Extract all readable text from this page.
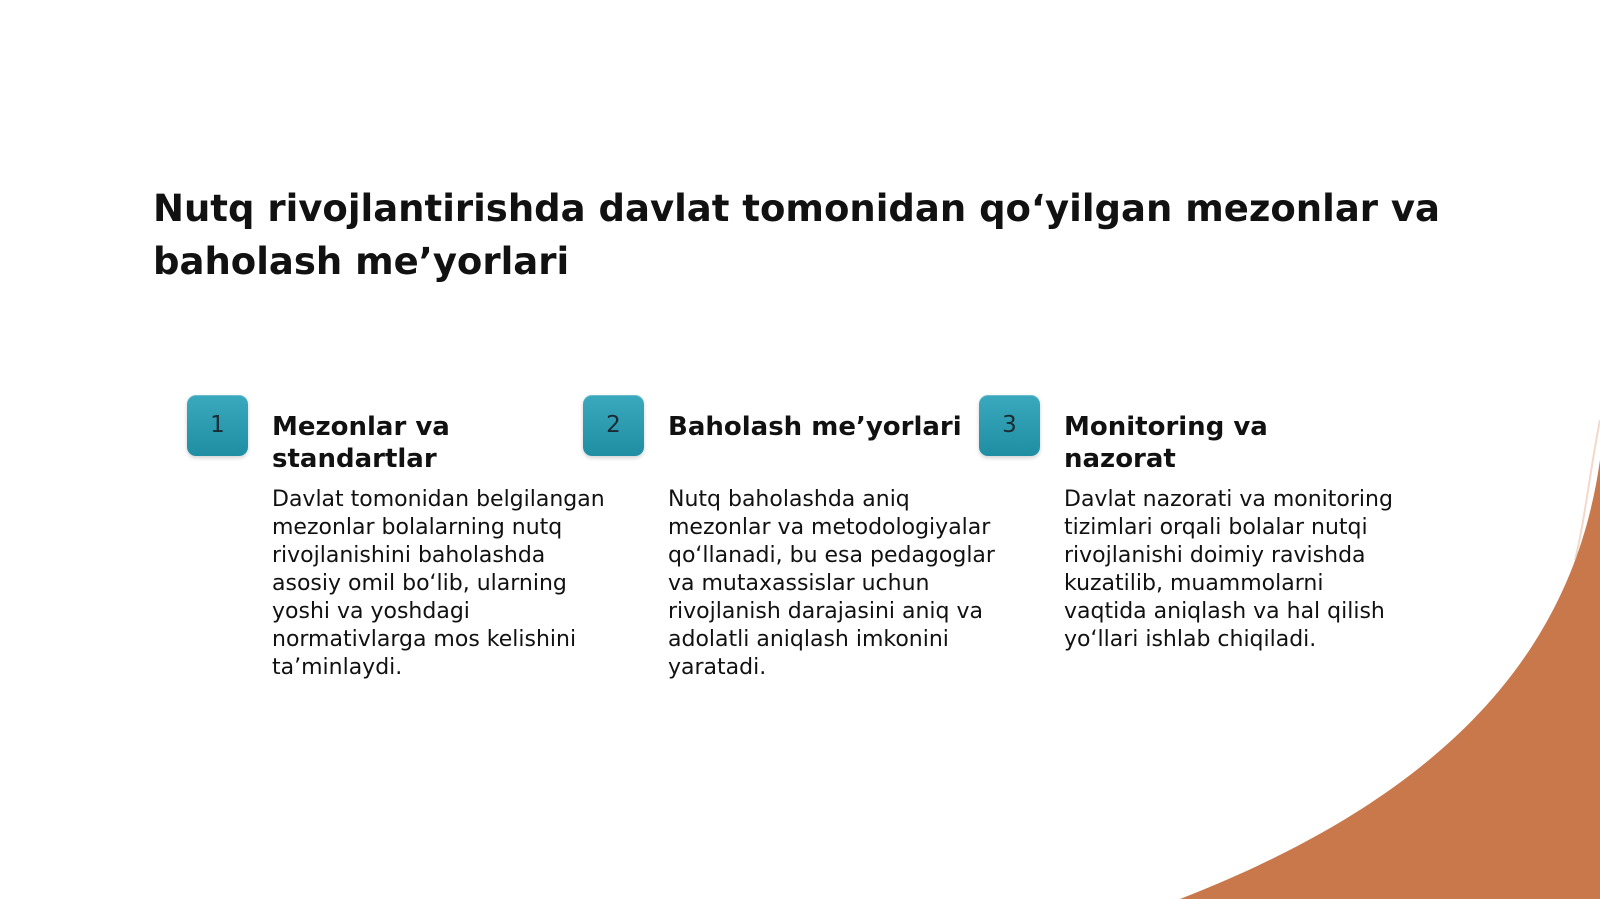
Nutq rivojlantirishda davlat tomonidan qo‘yilgan mezonlar va baholash me’yorlari
1	Mezonlar va standartlar

Davlat tomonidan belgilangan mezonlar bolalarning nutq rivojlanishini baholashda asosiy omil bo‘lib, ularning yoshi va yoshdagi normativlarga mos kelishini ta’minlaydi.

2	Baholash me’yorlari

Nutq baholashda aniq mezonlar va metodologiyalar qo‘llanadi, bu esa pedagoglar va mutaxassislar uchun rivojlanish darajasini aniq va adolatli aniqlash imkonini yaratadi.

3	Monitoring va nazorat

Davlat nazorati va monitoring tizimlari orqali bolalar nutqi rivojlanishi doimiy ravishda kuzatilib, muammolarni vaqtida aniqlash va hal qilish yo‘llari ishlab chiqiladi.
